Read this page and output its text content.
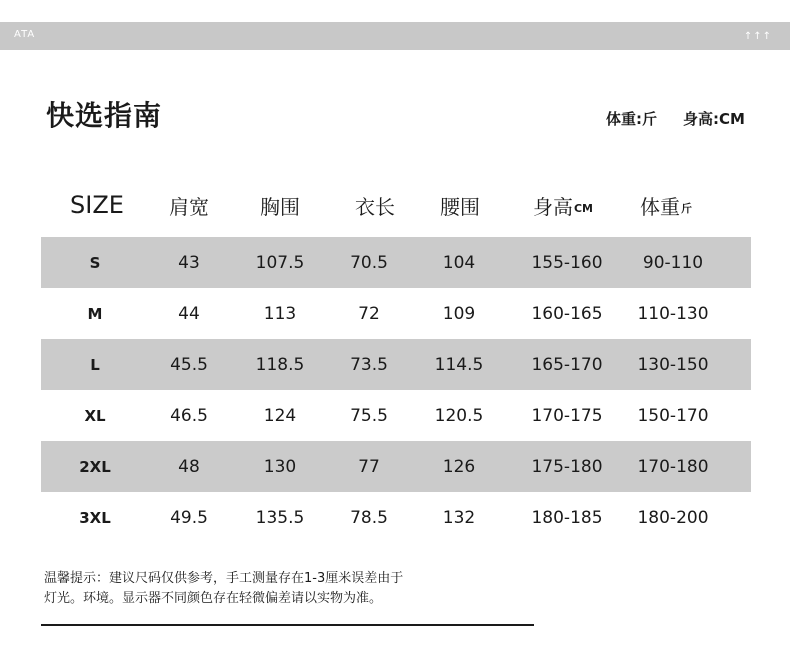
ATA	↑↑↑
快选指南	体重:斤 身高:CM
SIZE 肩宽	胸围	衣长 腰围	身高 CM 体重 斤
S	43	107.5	70.5	104	155-160 90-110
M	44	113	72	109	160-165 110-130
L	45.5	118.5	73.5	114.5	165-170 130-150
XL	46.5	124	75.5	120.5	170-175 150-170
2XL	48	130	77	126	175-180 170-180
3XL	49.5	135.5	78.5	132	180-185 180-200
温馨提示：建议尺码仅供参考，手工测量存在1-3厘米误差由于
灯光。环境。显示器不同颜色存在轻微偏差请以实物为准。
